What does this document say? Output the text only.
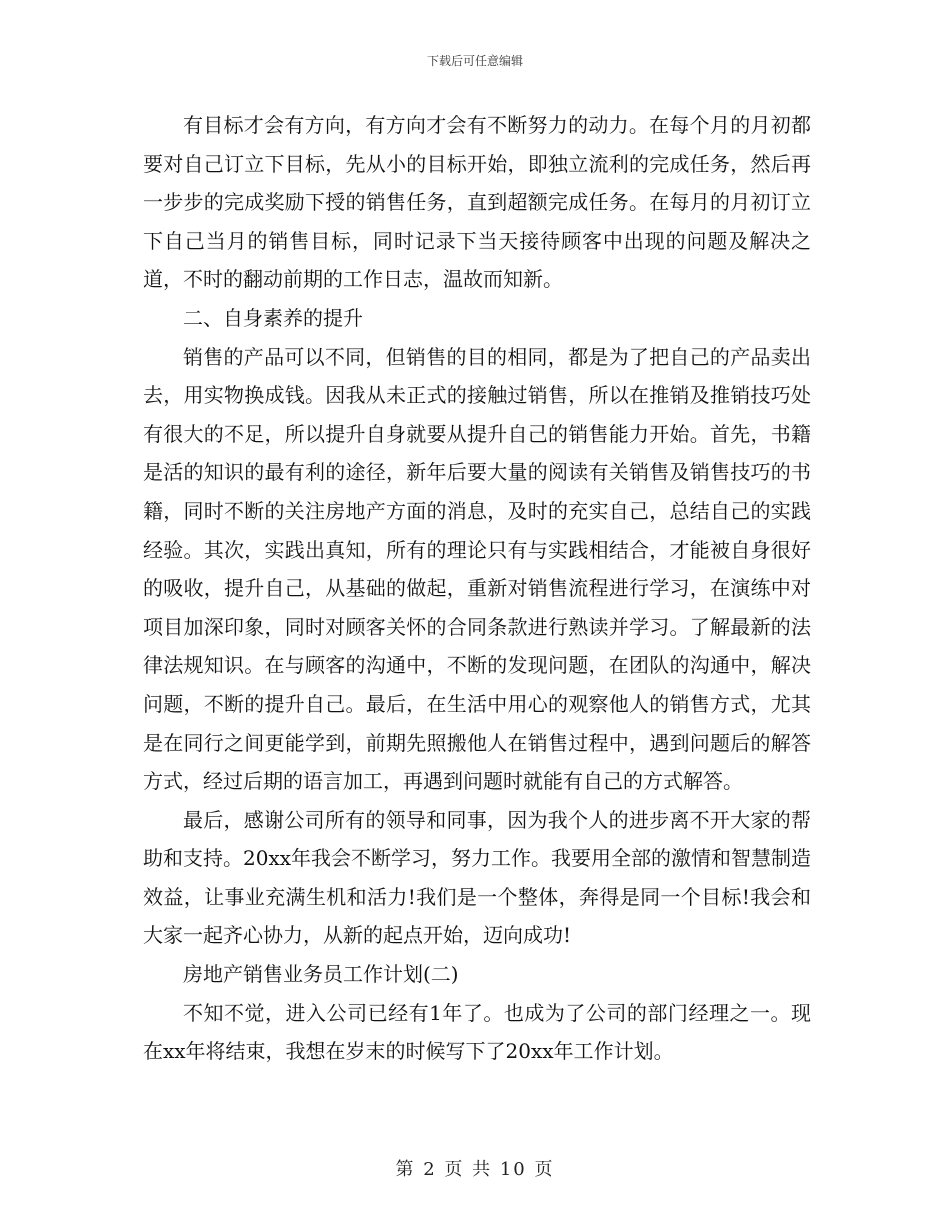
下载后可任意编辑

有目标才会有方向，有方向才会有不断努力的动力。在每个月的月初都要对自己订立下目标，先从小的目标开始，即独立流利的完成任务，然后再一步步的完成奖励下授的销售任务，直到超额完成任务。在每月的月初订立下自己当月的销售目标，同时记录下当天接待顾客中出现的问题及解决之道，不时的翻动前期的工作日志，温故而知新。

二、自身素养的提升

销售的产品可以不同，但销售的目的相同，都是为了把自己的产品卖出去，用实物换成钱。因我从未正式的接触过销售，所以在推销及推销技巧处有很大的不足，所以提升自身就要从提升自己的销售能力开始。首先，书籍是活的知识的最有利的途径，新年后要大量的阅读有关销售及销售技巧的书籍，同时不断的关注房地产方面的消息，及时的充实自己，总结自己的实践经验。其次，实践出真知，所有的理论只有与实践相结合，才能被自身很好的吸收，提升自己，从基础的做起，重新对销售流程进行学习，在演练中对项目加深印象，同时对顾客关怀的合同条款进行熟读并学习。了解最新的法律法规知识。在与顾客的沟通中，不断的发现问题，在团队的沟通中，解决问题，不断的提升自己。最后，在生活中用心的观察他人的销售方式，尤其是在同行之间更能学到，前期先照搬他人在销售过程中，遇到问题后的解答方式，经过后期的语言加工，再遇到问题时就能有自己的方式解答。

最后，感谢公司所有的领导和同事，因为我个人的进步离不开大家的帮助和支持。20xx年我会不断学习，努力工作。我要用全部的激情和智慧制造效益，让事业充满生机和活力!我们是一个整体，奔得是同一个目标!我会和大家一起齐心协力，从新的起点开始，迈向成功!

房地产销售业务员工作计划(二)

不知不觉，进入公司已经有1年了。也成为了公司的部门经理之一。现在xx年将结束，我想在岁末的时候写下了20xx年工作计划。

第 2 页 共 10 页
